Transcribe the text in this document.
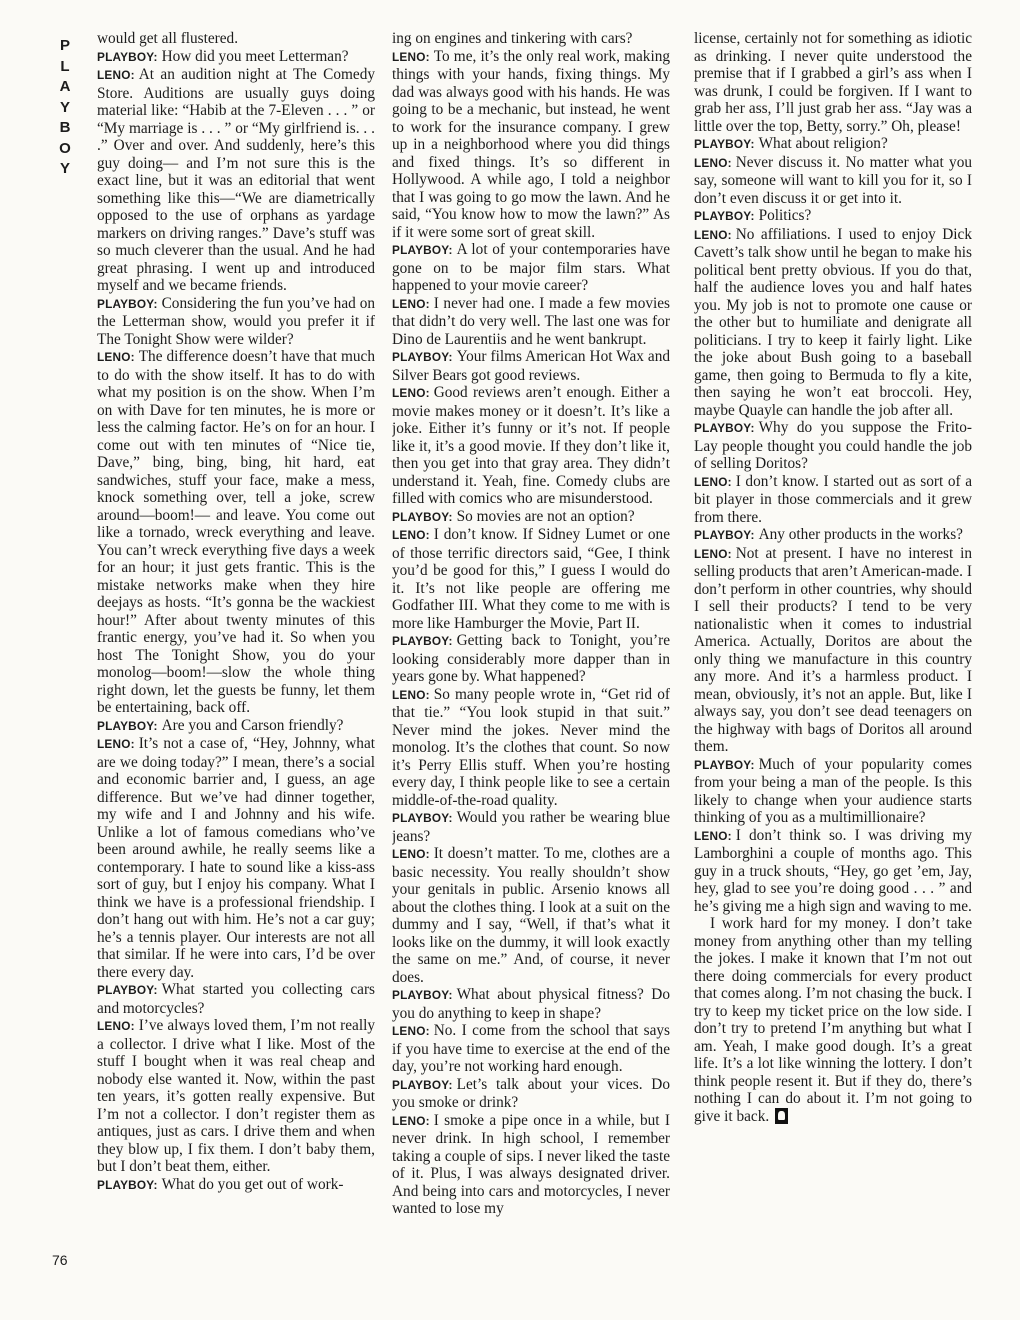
P
L
A
Y
B
O
Y

would get all flustered.

PLAYBOY: How did you meet Letterman?

LENO: At an audition night at The Comedy Store. Auditions are usually guys doing material like: “Habib at the 7-Eleven . . . ” or “My marriage is . . . ” or “My girlfriend is. . . .” Over and over. And suddenly, here’s this guy doing— and I’m not sure this is the exact line, but it was an editorial that went something like this—“We are diametrically opposed to the use of orphans as yardage markers on driving ranges.” Dave’s stuff was so much cleverer than the usual. And he had great phrasing. I went up and introduced myself and we became friends.

PLAYBOY: Considering the fun you’ve had on the Letterman show, would you prefer it if The Tonight Show were wilder?

LENO: The difference doesn’t have that much to do with the show itself. It has to do with what my position is on the show. When I’m on with Dave for ten minutes, he is more or less the calming factor. He’s on for an hour. I come out with ten minutes of “Nice tie, Dave,” bing, bing, bing, hit hard, eat sandwiches, stuff your face, make a mess, knock something over, tell a joke, screw around—boom!— and leave. You come out like a tornado, wreck everything and leave. You can’t wreck everything five days a week for an hour; it just gets frantic. This is the mistake networks make when they hire deejays as hosts. “It’s gonna be the wackiest hour!” After about twenty minutes of this frantic energy, you’ve had it. So when you host The Tonight Show, you do your monolog—boom!—slow the whole thing right down, let the guests be funny, let them be entertaining, back off.

PLAYBOY: Are you and Carson friendly?

LENO: It’s not a case of, “Hey, Johnny, what are we doing today?” I mean, there’s a social and economic barrier and, I guess, an age difference. But we’ve had dinner together, my wife and I and Johnny and his wife. Unlike a lot of famous comedians who’ve been around awhile, he really seems like a contemporary. I hate to sound like a kiss-ass sort of guy, but I enjoy his company. What I think we have is a professional friendship. I don’t hang out with him. He’s not a car guy; he’s a tennis player. Our interests are not all that similar. If he were into cars, I’d be over there every day.

PLAYBOY: What started you collecting cars and motorcycles?

LENO: I’ve always loved them, I’m not really a collector. I drive what I like. Most of the stuff I bought when it was real cheap and nobody else wanted it. Now, within the past ten years, it’s gotten really expensive. But I’m not a collector. I don’t register them as antiques, just as cars. I drive them and when they blow up, I fix them. I don’t baby them, but I don’t beat them, either.

PLAYBOY: What do you get out of work-

ing on engines and tinkering with cars?

LENO: To me, it’s the only real work, making things with your hands, fixing things. My dad was always good with his hands. He was going to be a mechanic, but instead, he went to work for the insurance company. I grew up in a neighborhood where you did things and fixed things. It’s so different in Hollywood. A while ago, I told a neighbor that I was going to go mow the lawn. And he said, “You know how to mow the lawn?” As if it were some sort of great skill.

PLAYBOY: A lot of your contemporaries have gone on to be major film stars. What happened to your movie career?

LENO: I never had one. I made a few movies that didn’t do very well. The last one was for Dino de Laurentiis and he went bankrupt.

PLAYBOY: Your films American Hot Wax and Silver Bears got good reviews.

LENO: Good reviews aren’t enough. Either a movie makes money or it doesn’t. It’s like a joke. Either it’s funny or it’s not. If people like it, it’s a good movie. If they don’t like it, then you get into that gray area. They didn’t understand it. Yeah, fine. Comedy clubs are filled with comics who are misunderstood.

PLAYBOY: So movies are not an option?

LENO: I don’t know. If Sidney Lumet or one of those terrific directors said, “Gee, I think you’d be good for this,” I guess I would do it. It’s not like people are offering me Godfather III. What they come to me with is more like Hamburger the Movie, Part II.

PLAYBOY: Getting back to Tonight, you’re looking considerably more dapper than in years gone by. What happened?

LENO: So many people wrote in, “Get rid of that tie.” “You look stupid in that suit.” Never mind the jokes. Never mind the monolog. It’s the clothes that count. So now it’s Perry Ellis stuff. When you’re hosting every day, I think people like to see a certain middle-of-the-road quality.

PLAYBOY: Would you rather be wearing blue jeans?

LENO: It doesn’t matter. To me, clothes are a basic necessity. You really shouldn’t show your genitals in public. Arsenio knows all about the clothes thing. I look at a suit on the dummy and I say, “Well, if that’s what it looks like on the dummy, it will look exactly the same on me.” And, of course, it never does.

PLAYBOY: What about physical fitness? Do you do anything to keep in shape?

LENO: No. I come from the school that says if you have time to exercise at the end of the day, you’re not working hard enough.

PLAYBOY: Let’s talk about your vices. Do you smoke or drink?

LENO: I smoke a pipe once in a while, but I never drink. In high school, I remember taking a couple of sips. I never liked the taste of it. Plus, I was always designated driver. And being into cars and motorcycles, I never wanted to lose my

license, certainly not for something as idiotic as drinking. I never quite understood the premise that if I grabbed a girl’s ass when I was drunk, I could be forgiven. If I want to grab her ass, I’ll just grab her ass. “Jay was a little over the top, Betty, sorry.” Oh, please!

PLAYBOY: What about religion?

LENO: Never discuss it. No matter what you say, someone will want to kill you for it, so I don’t even discuss it or get into it.

PLAYBOY: Politics?

LENO: No affiliations. I used to enjoy Dick Cavett’s talk show until he began to make his political bent pretty obvious. If you do that, half the audience loves you and half hates you. My job is not to promote one cause or the other but to humiliate and denigrate all politicians. I try to keep it fairly light. Like the joke about Bush going to a baseball game, then going to Bermuda to fly a kite, then saying he won’t eat broccoli. Hey, maybe Quayle can handle the job after all.

PLAYBOY: Why do you suppose the Frito-Lay people thought you could handle the job of selling Doritos?

LENO: I don’t know. I started out as sort of a bit player in those commercials and it grew from there.

PLAYBOY: Any other products in the works?

LENO: Not at present. I have no interest in selling products that aren’t American-made. I don’t perform in other countries, why should I sell their products? I tend to be very nationalistic when it comes to industrial America. Actually, Doritos are about the only thing we manufacture in this country any more. And it’s a harmless product. I mean, obviously, it’s not an apple. But, like I always say, you don’t see dead teenagers on the highway with bags of Doritos all around them.

PLAYBOY: Much of your popularity comes from your being a man of the people. Is this likely to change when your audience starts thinking of you as a multimillionaire?

LENO: I don’t think so. I was driving my Lamborghini a couple of months ago. This guy in a truck shouts, “Hey, go get ’em, Jay, hey, glad to see you’re doing good . . . ” and he’s giving me a high sign and waving to me.

I work hard for my money. I don’t take money from anything other than my telling the jokes. I make it known that I’m not out there doing commercials for every product that comes along. I’m not chasing the buck. I try to keep my ticket price on the low side. I don’t try to pretend I’m anything but what I am. Yeah, I make good dough. It’s a great life. It’s a lot like winning the lottery. I don’t think people resent it. But if they do, there’s nothing I can do about it. I’m not going to give it back.

76
